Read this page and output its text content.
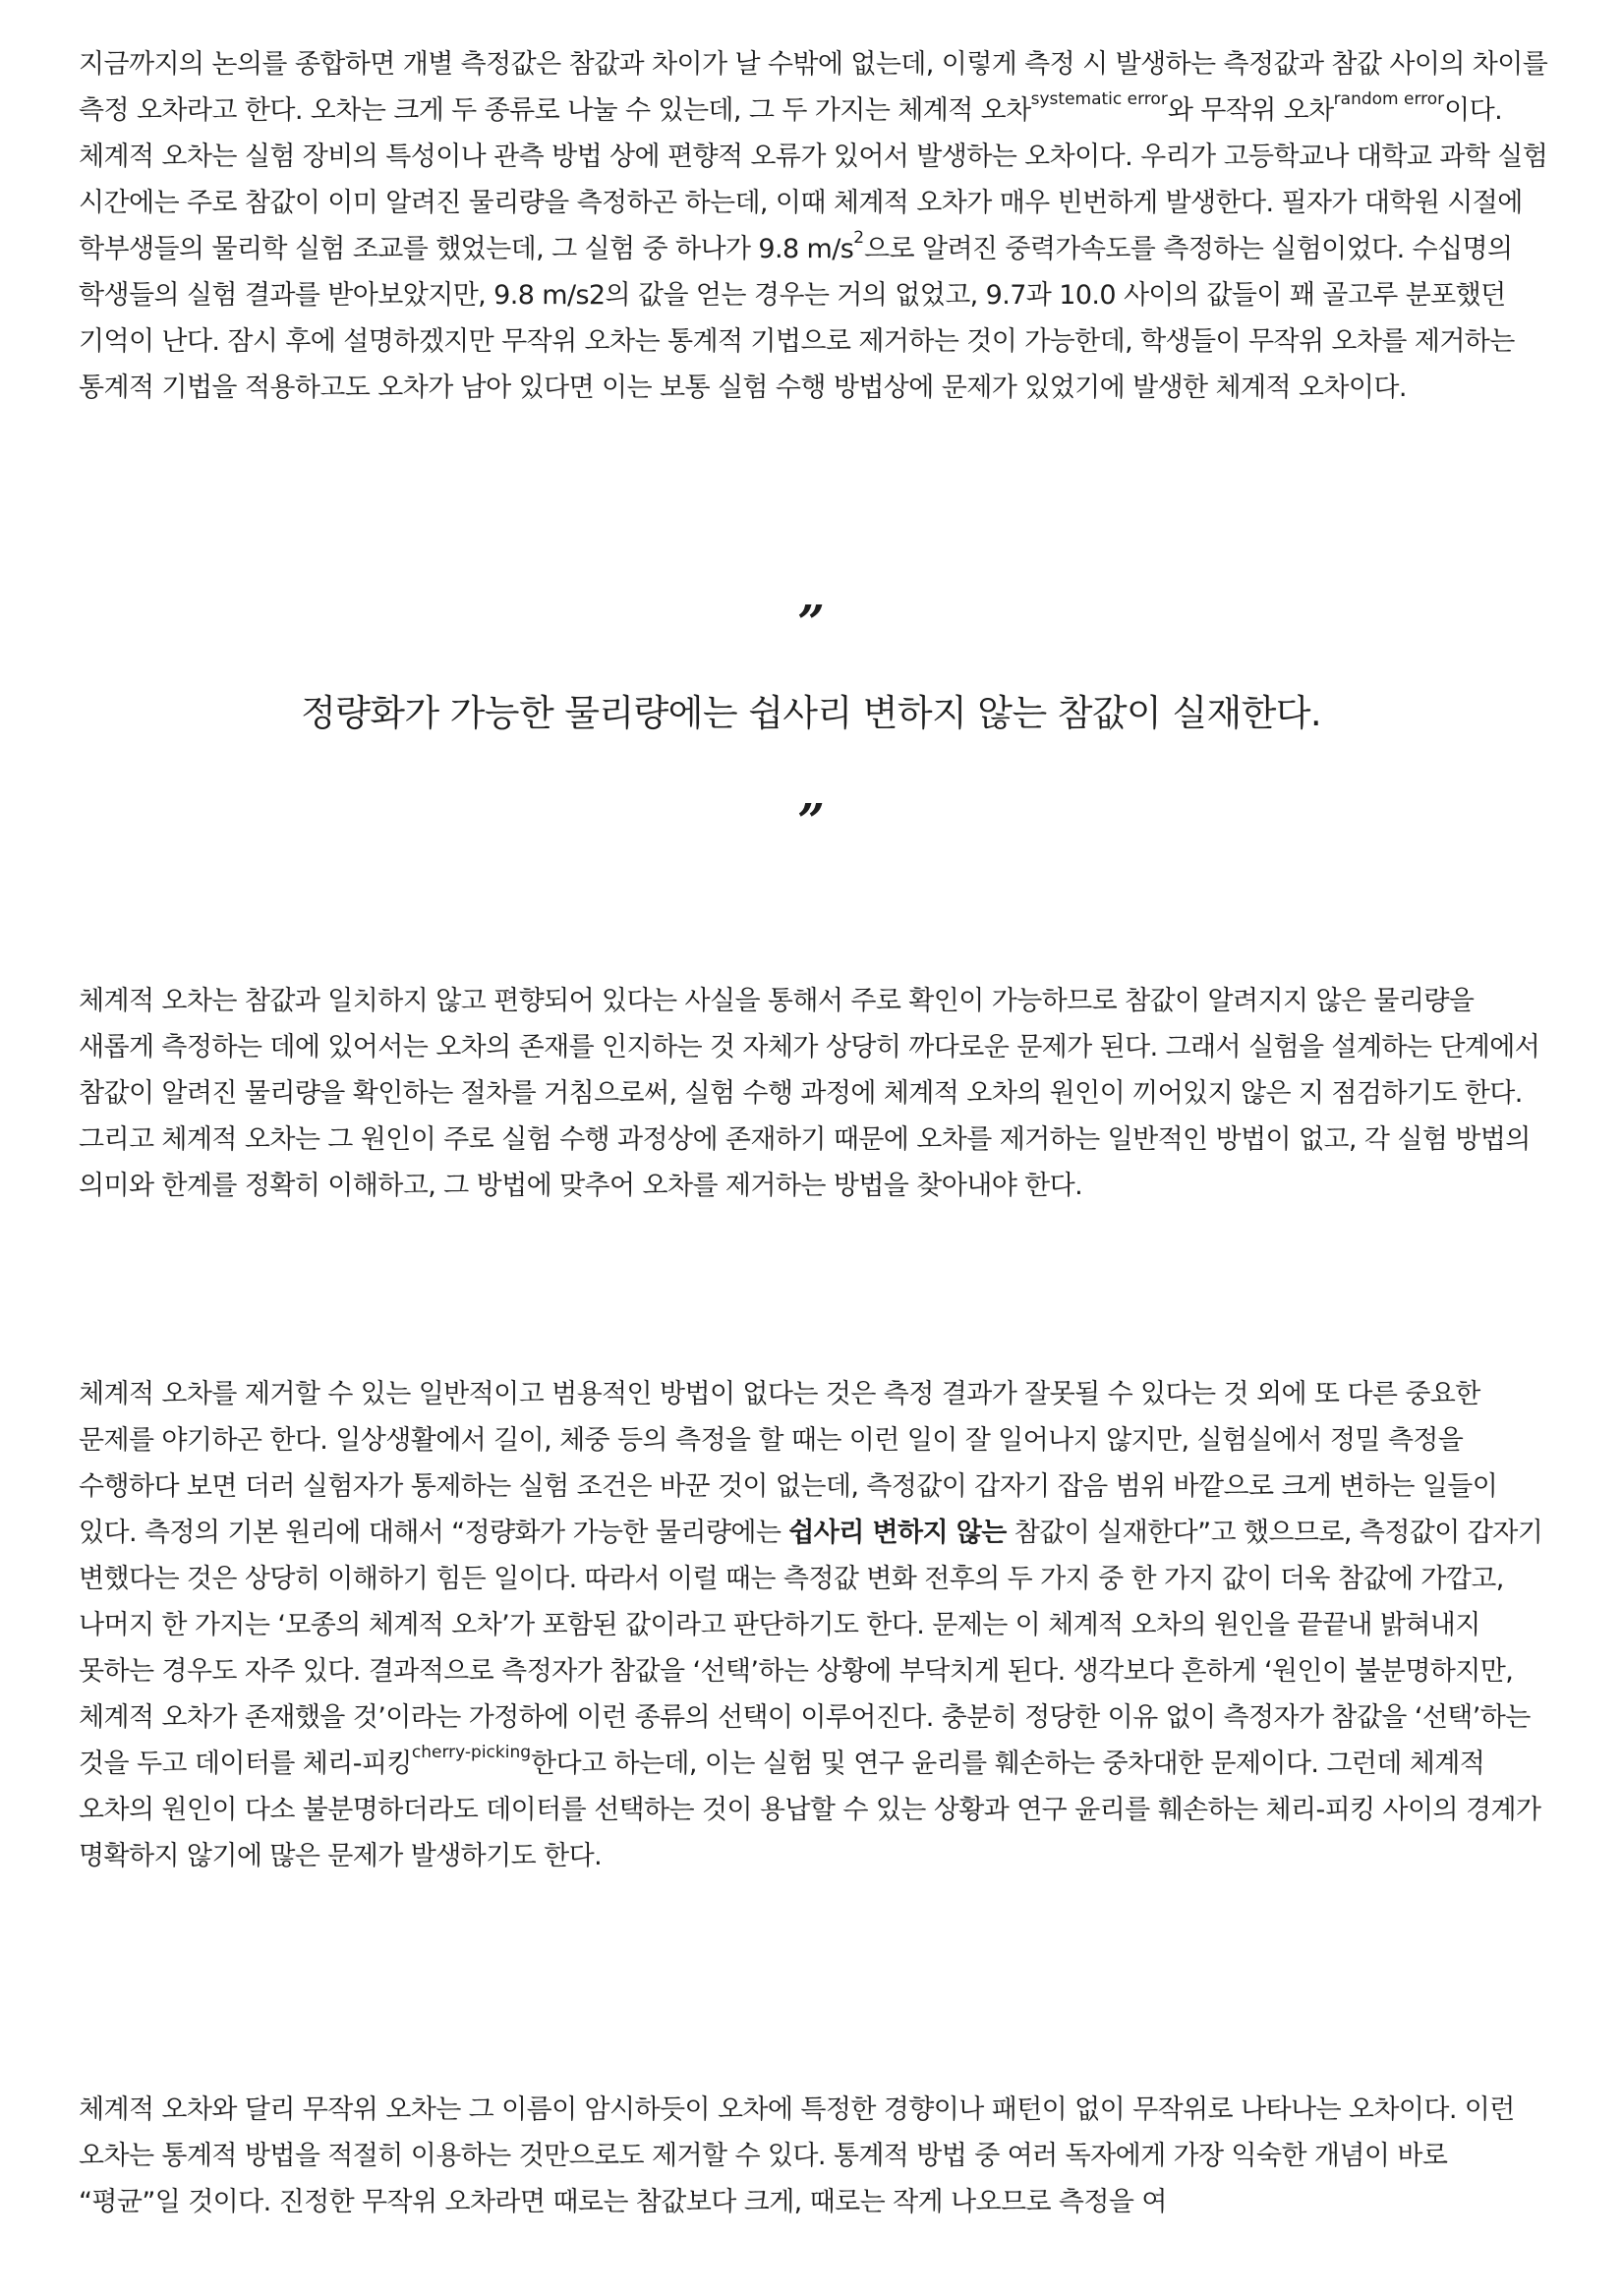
지금까지의 논의를 종합하면 개별 측정값은 참값과 차이가 날 수밖에 없는데, 이렇게 측정 시 발생하는 측정값과 참값 사이의 차이를 측정 오차라고 한다. 오차는 크게 두 종류로 나눌 수 있는데, 그 두 가지는 체계적 오차$^{systematic error}$와 무작위 오차$^{random error}$이다. 체계적 오차는 실험 장비의 특성이나 관측 방법 상에 편향적 오류가 있어서 발생하는 오차이다. 우리가 고등학교나 대학교 과학 실험 시간에는 주로 참값이 이미 알려진 물리량을 측정하곤 하는데, 이때 체계적 오차가 매우 빈번하게 발생한다. 필자가 대학원 시절에 학부생들의 물리학 실험 조교를 했었는데, 그 실험 중 하나가 9.8 $m/s^2$으로 알려진 중력가속도를 측정하는 실험이었다. 수십명의 학생들의 실험 결과를 받아보았지만, 9.8 m/s2의 값을 얻는 경우는 거의 없었고, 9.7과 10.0 사이의 값들이 꽤 골고루 분포했던 기억이 난다. 잠시 후에 설명하겠지만 무작위 오차는 통계적 기법으로 제거하는 것이 가능한데, 학생들이 무작위 오차를 제거하는 통계적 기법을 적용하고도 오차가 남아 있다면 이는 보통 실험 수행 방법상에 문제가 있었기에 발생한 체계적 오차이다.

”
정량화가 가능한 물리량에는 쉽사리 변하지 않는 참값이 실재한다.
”

체계적 오차는 참값과 일치하지 않고 편향되어 있다는 사실을 통해서 주로 확인이 가능하므로 참값이 알려지지 않은 물리량을 새롭게 측정하는 데에 있어서는 오차의 존재를 인지하는 것 자체가 상당히 까다로운 문제가 된다. 그래서 실험을 설계하는 단계에서 참값이 알려진 물리량을 확인하는 절차를 거침으로써, 실험 수행 과정에 체계적 오차의 원인이 끼어있지 않은 지 점검하기도 한다. 그리고 체계적 오차는 그 원인이 주로 실험 수행 과정상에 존재하기 때문에 오차를 제거하는 일반적인 방법이 없고, 각 실험 방법의 의미와 한계를 정확히 이해하고, 그 방법에 맞추어 오차를 제거하는 방법을 찾아내야 한다.

체계적 오차를 제거할 수 있는 일반적이고 범용적인 방법이 없다는 것은 측정 결과가 잘못될 수 있다는 것 외에 또 다른 중요한 문제를 야기하곤 한다. 일상생활에서 길이, 체중 등의 측정을 할 때는 이런 일이 잘 일어나지 않지만, 실험실에서 정밀 측정을 수행하다 보면 더러 실험자가 통제하는 실험 조건은 바꾼 것이 없는데, 측정값이 갑자기 잡음 범위 바깥으로 크게 변하는 일들이 있다. 측정의 기본 원리에 대해서 “정량화가 가능한 물리량에는 쉽사리 변하지 않는 참값이 실재한다”고 했으므로, 측정값이 갑자기 변했다는 것은 상당히 이해하기 힘든 일이다. 따라서 이럴 때는 측정값 변화 전후의 두 가지 중 한 가지 값이 더욱 참값에 가깝고, 나머지 한 가지는 ‘모종의 체계적 오차’가 포함된 값이라고 판단하기도 한다. 문제는 이 체계적 오차의 원인을 끝끝내 밝혀내지 못하는 경우도 자주 있다. 결과적으로 측정자가 참값을 ‘선택’하는 상황에 부닥치게 된다. 생각보다 흔하게 ‘원인이 불분명하지만, 체계적 오차가 존재했을 것’이라는 가정하에 이런 종류의 선택이 이루어진다. 충분히 정당한 이유 없이 측정자가 참값을 ‘선택’하는 것을 두고 데이터를 체리-피킹$^{cherry-picking}$한다고 하는데, 이는 실험 및 연구 윤리를 훼손하는 중차대한 문제이다. 그런데 체계적 오차의 원인이 다소 불분명하더라도 데이터를 선택하는 것이 용납할 수 있는 상황과 연구 윤리를 훼손하는 체리-피킹 사이의 경계가 명확하지 않기에 많은 문제가 발생하기도 한다.

체계적 오차와 달리 무작위 오차는 그 이름이 암시하듯이 오차에 특정한 경향이나 패턴이 없이 무작위로 나타나는 오차이다. 이런 오차는 통계적 방법을 적절히 이용하는 것만으로도 제거할 수 있다. 통계적 방법 중 여러 독자에게 가장 익숙한 개념이 바로 “평균”일 것이다. 진정한 무작위 오차라면 때로는 참값보다 크게, 때로는 작게 나오므로 측정을 여
